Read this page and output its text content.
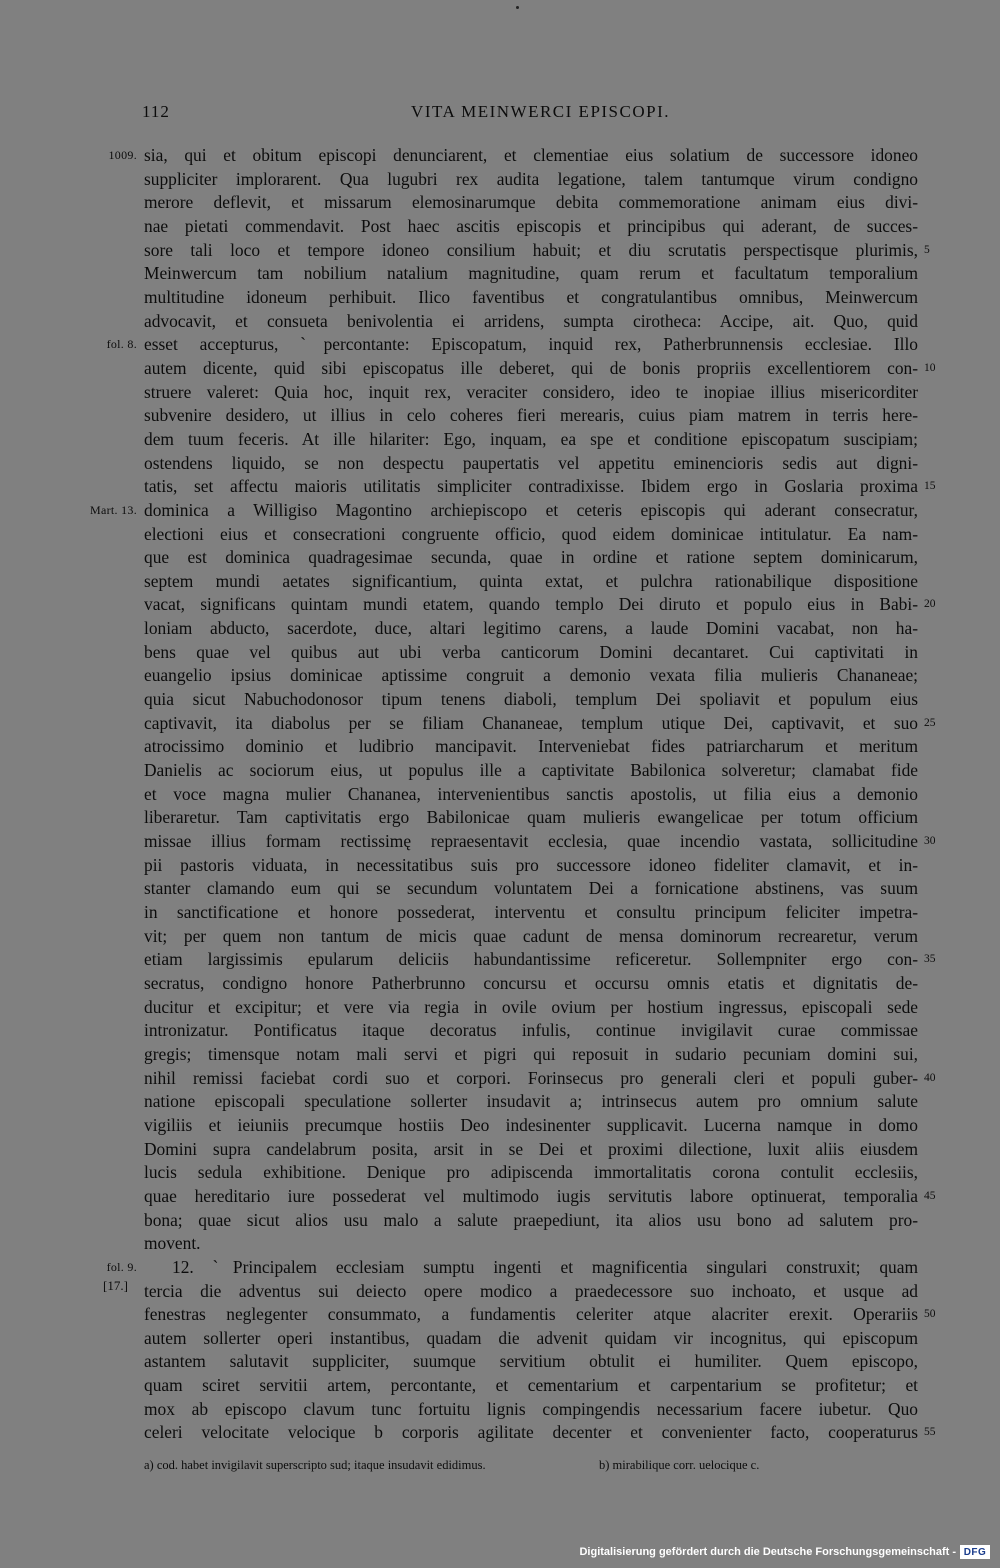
112	VITA MEINWERCI EPISCOPI.
1009. sia, qui et obitum episcopi denunciarent, et clementiae eius solatium de successore idoneo
suppliciter implorarent. Qua lugubri rex audita legatione, talem tantumque virum condigno
merore deflevit, et missarum elemosinarumque debita commemoratione animam eius divi-
nae pietati commendavit. Post haec ascitis episcopis et principibus qui aderant, de succes-
sore tali loco et tempore idoneo consilium habuit; et diu scrutatis perspectisque plurimis, 5
Meinwercum tam nobilium natalium magnitudine, quam rerum et facultatum temporalium
multitudine idoneum perhibuit. Ilico faventibus et congratulantibus omnibus, Meinwercum
advocavit, et consueta benivolentia ei arridens, sumpta cirotheca: Accipe, ait. Quo, quid
fol. 8. esset accepturus, ˋpercontante: Episcopatum, inquid rex, Patherbrunnensis ecclesiae. Illo
autem dicente, quid sibi episcopatus ille deberet, qui de bonis propriis excellentiorem con- 10
struere valeret: Quia hoc, inquit rex, veraciter considero, ideo te inopiae illius misericorditer
subvenire desidero, ut illius in celo coheres fieri merearis, cuius piam matrem in terris here-
dem tuum feceris. At ille hilariter: Ego, inquam, ea spe et conditione episcopatum suscipiam;
ostendens liquido, se non despectu paupertatis vel appetitu eminencioris sedis aut digni-
tatis, set affectu maioris utilitatis simpliciter contradixisse. Ibidem ergo in Goslaria proxima 15
Mart. 13. dominica a Willigiso Magontino archiepiscopo et ceteris episcopis qui aderant consecratur,
electioni eius et consecrationi congruente officio, quod eidem dominicae intitulatur. Ea nam-
que est dominica quadragesimae secunda, quae in ordine et ratione septem dominicarum,
septem mundi aetates significantium, quinta extat, et pulchra rationabilique dispositione
vacat, significans quintam mundi etatem, quando templo Dei diruto et populo eius in Babi- 20
loniam abducto, sacerdote, duce, altari legitimo carens, a laude Domini vacabat, non ha-
bens quae vel quibus aut ubi verba canticorum Domini decantaret. Cui captivitati in
euangelio ipsius dominicae aptissime congruit a demonio vexata filia mulieris Chananeae;
quia sicut Nabuchodonosor tipum tenens diaboli, templum Dei spoliavit et populum eius
captivavit, ita diabolus per se filiam Chananeae, templum utique Dei, captivavit, et suo 25
atrocissimo dominio et ludibrio mancipavit. Interveniebat fides patriarcharum et meritum
Danielis ac sociorum eius, ut populus ille a captivitate Babilonica solveretur; clamabat fide
et voce magna mulier Chananea, intervenientibus sanctis apostolis, ut filia eius a demonio
liberaretur. Tam captivitatis ergo Babilonicae quam mulieris ewangelicae per totum officium
missae illius formam rectissimę repraesentavit ecclesia, quae incendio vastata, sollicitudine 30
pii pastoris viduata, in necessitatibus suis pro successore idoneo fideliter clamavit, et in-
stanter clamando eum qui se secundum voluntatem Dei a fornicatione abstinens, vas suum
in sanctificatione et honore possederat, interventu et consultu principum feliciter impetra-
vit; per quem non tantum de micis quae cadunt de mensa dominorum recrearetur, verum
etiam largissimis epularum deliciis habundantissime reficeretur. Sollempniter ergo con- 35
secratus, condigno honore Patherbrunno concursu et occursu omnis etatis et dignitatis de-
ducitur et excipitur; et vere via regia in ovile ovium per hostium ingressus, episcopali sede
intronizatur. Pontificatus itaque decoratus infulis, continue invigilavit curae commissae
gregis; timensque notam mali servi et pigri qui reposuit in sudario pecuniam domini sui,
nihil remissi faciebat cordi suo et corpori. Forinsecus pro generali cleri et populi guber- 40
natione episcopali speculatione sollerter insudavit a; intrinsecus autem pro omnium salute
vigiliis et ieiuniis precumque hostiis Deo indesinenter supplicavit. Lucerna namque in domo
Domini supra candelabrum posita, arsit in se Dei et proximi dilectione, luxit aliis eiusdem
lucis sedula exhibitione. Denique pro adipiscenda immortalitatis corona contulit ecclesiis,
quae hereditario iure possederat vel multimodo iugis servitutis labore optinuerat, temporalia 45
bona; quae sicut alios usu malo a salute praepediunt, ita alios usu bono ad salutem pro-
movent.
fol. 9.	12. ˋPrincipalem ecclesiam sumptu ingenti et magnificentia singulari construxit; quam
tercia die adventus sui deiecto opere modico a praedecessore suo inchoato, et usque ad
fenestras neglegenter consummato, a fundamentis celeriter atque alacriter erexit. Operariis 50
autem sollerter operi instantibus, quadam die advenit quidam vir incognitus, qui episcopum
astantem salutavit suppliciter, suumque servitium obtulit ei humiliter. Quem episcopo,
quam sciret servitii artem, percontante, et cementarium et carpentarium se profitetur; et
mox ab episcopo clavum tunc fortuitu lignis compingendis necessarium facere iubetur. Quo
celeri velocitate velocique b corporis agilitate decenter et convenienter facto, cooperaturus 55
[17.]
a) cod. habet invigilavit superscripto sud; itaque insudavit edidimus.	b) mirabilique corr. uelocique c.
Digitalisierung gefördert durch die Deutsche Forschungsgemeinschaft - DFG
